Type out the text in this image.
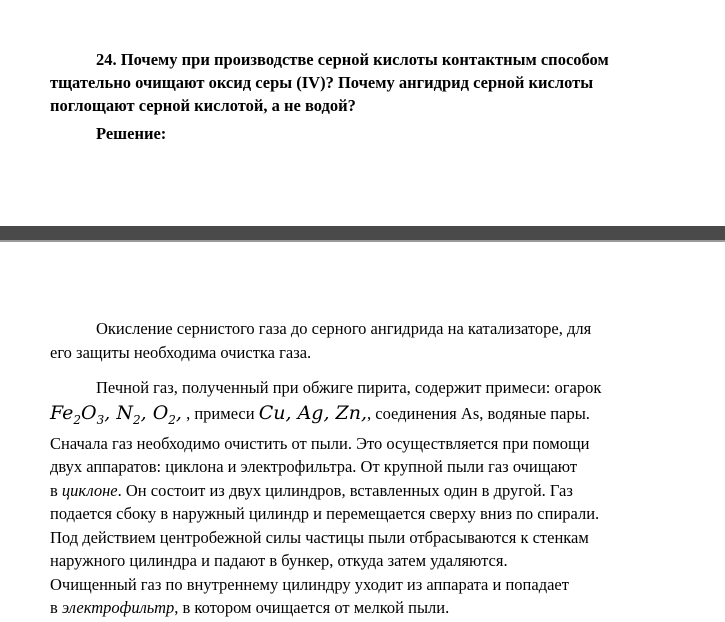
24. Почему при производстве серной кислоты контактным способом тщательно очищают оксид серы (IV)? Почему ангидрид серной кислоты поглощают серной кислотой, а не водой?
Решение:
Окисление сернистого газа до серного ангидрида на катализаторе, для
его защиты необходима очистка газа.
Печной газ, полученный при обжиге пирита, содержит примеси: огарок
$Fe_2O_3$, $N_2$, $O_2$, , примеси Cu, Ag, Zn,, соединения As, водяные пары.
Сначала газ необходимо очистить от пыли. Это осуществляется при помощи
двух аппаратов: циклона и электрофильтра. От крупной пыли газ очищают
в циклоне. Он состоит из двух цилиндров, вставленных один в другой. Газ
подается сбоку в наружный цилиндр и перемещается сверху вниз по спирали.
Под действием центробежной силы частицы пыли отбрасываются к стенкам
наружного цилиндра и падают в бункер, откуда затем удаляются.
Очищенный газ по внутреннему цилиндру уходит из аппарата и попадает
в электрофильтр, в котором очищается от мелкой пыли.
